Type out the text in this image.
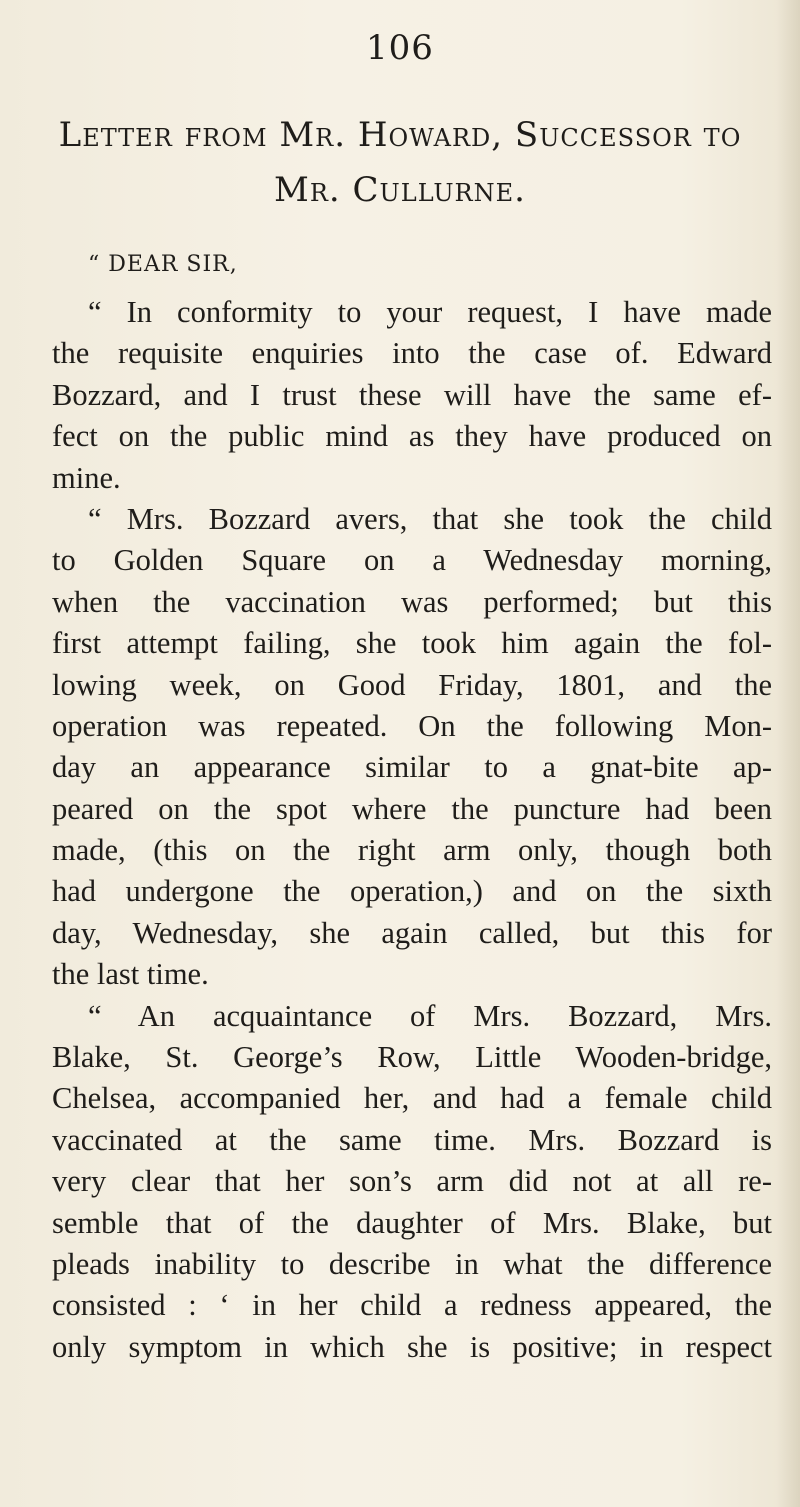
106
Letter from Mr. Howard, Successor to
Mr. Cullurne.
“ DEAR SIR,
“ In conformity to your request, I have made
the requisite enquiries into the case of. Edward
Bozzard, and I trust these will have the same ef-
fect on the public mind as they have produced on
mine.
“ Mrs. Bozzard avers, that she took the child
to Golden Square on a Wednesday morning,
when the vaccination was performed; but this
first attempt failing, she took him again the fol-
lowing week, on Good Friday, 1801, and the
operation was repeated. On the following Mon-
day an appearance similar to a gnat-bite ap-
peared on the spot where the puncture had been
made, (this on the right arm only, though both
had undergone the operation,) and on the sixth
day, Wednesday, she again called, but this for
the last time.
“ An acquaintance of Mrs. Bozzard, Mrs.
Blake, St. George’s Row, Little Wooden-bridge,
Chelsea, accompanied her, and had a female child
vaccinated at the same time. Mrs. Bozzard is
very clear that her son’s arm did not at all re-
semble that of the daughter of Mrs. Blake, but
pleads inability to describe in what the difference
consisted : ‘ in her child a redness appeared, the
only symptom in which she is positive; in respect
